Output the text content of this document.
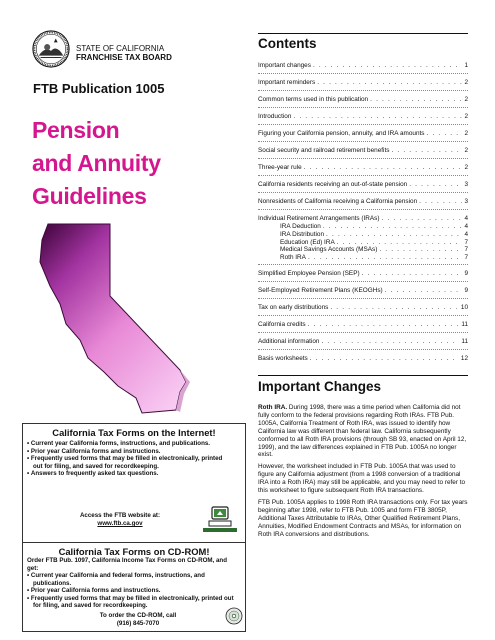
STATE OF CALIFORNIA
FRANCHISE TAX BOARD
FTB Publication 1005
Pension
and Annuity
Guidelines
California Tax Forms on the Internet!
• Current year California forms, instructions, and publications.
• Prior year California forms and instructions.
• Frequently used forms that may be filled in electronically, printed out for filing, and saved for recordkeeping.
• Answers to frequently asked tax questions.
Access the FTB website at:
www.ftb.ca.gov
California Tax Forms on CD-ROM!
Order FTB Pub. 1097, California Income Tax Forms on CD-ROM, and get:
• Current year California and federal forms, instructions, and publications.
• Prior year California forms and instructions.
• Frequently used forms that may be filled in electronically, printed out for filing, and saved for recordkeeping.
To order the CD-ROM, call
(916) 845-7070
Contents
Important changes . . .	1
Important reminders . . .	2
Common terms used in this publication . . .	2
Introduction . . .	2
Figuring your California pension, annuity, and IRA amounts . . .	2
Social security and railroad retirement benefits . . .	2
Three-year rule . . .	2
California residents receiving an out-of-state pension . . .	3
Nonresidents of California receiving a California pension . . .	3
Individual Retirement Arrangements (IRAs) . . .	4
IRA Deduction . . .	4
IRA Distribution . . .	4
Education (Ed) IRA . . .	7
Medical Savings Accounts (MSAs) . . .	7
Roth IRA . . .	7
Simplified Employee Pension (SEP) . . .	9
Self-Employed Retirement Plans (KEOGHs) . . .	9
Tax on early distributions . . .	10
California credits . . .	11
Additional information . . .	11
Basis worksheets . . .	12
Important Changes

Roth IRA. During 1998, there was a time period when California did not fully conform to the federal provisions regarding Roth IRAs. FTB Pub. 1005A, California Treatment of Roth IRA, was issued to identify how California law was different than federal law. California subsequently conformed to all Roth IRA provisions (through SB 93, enacted on April 12, 1999), and the law differences explained in FTB Pub. 1005A no longer exist.

However, the worksheet included in FTB Pub. 1005A that was used to figure any California adjustment (from a 1998 conversion of a traditional IRA into a Roth IRA) may still be applicable, and you may need to refer to this worksheet to figure subsequent Roth IRA transactions.

FTB Pub. 1005A applies to 1998 Roth IRA transactions only. For tax years beginning after 1998, refer to FTB Pub. 1005 and form FTB 3805P, Additional Taxes Attributable to IRAs, Other Qualified Retirement Plans, Annuities, Modified Endowment Contracts and MSAs, for information on Roth IRA conversions and distributions.
